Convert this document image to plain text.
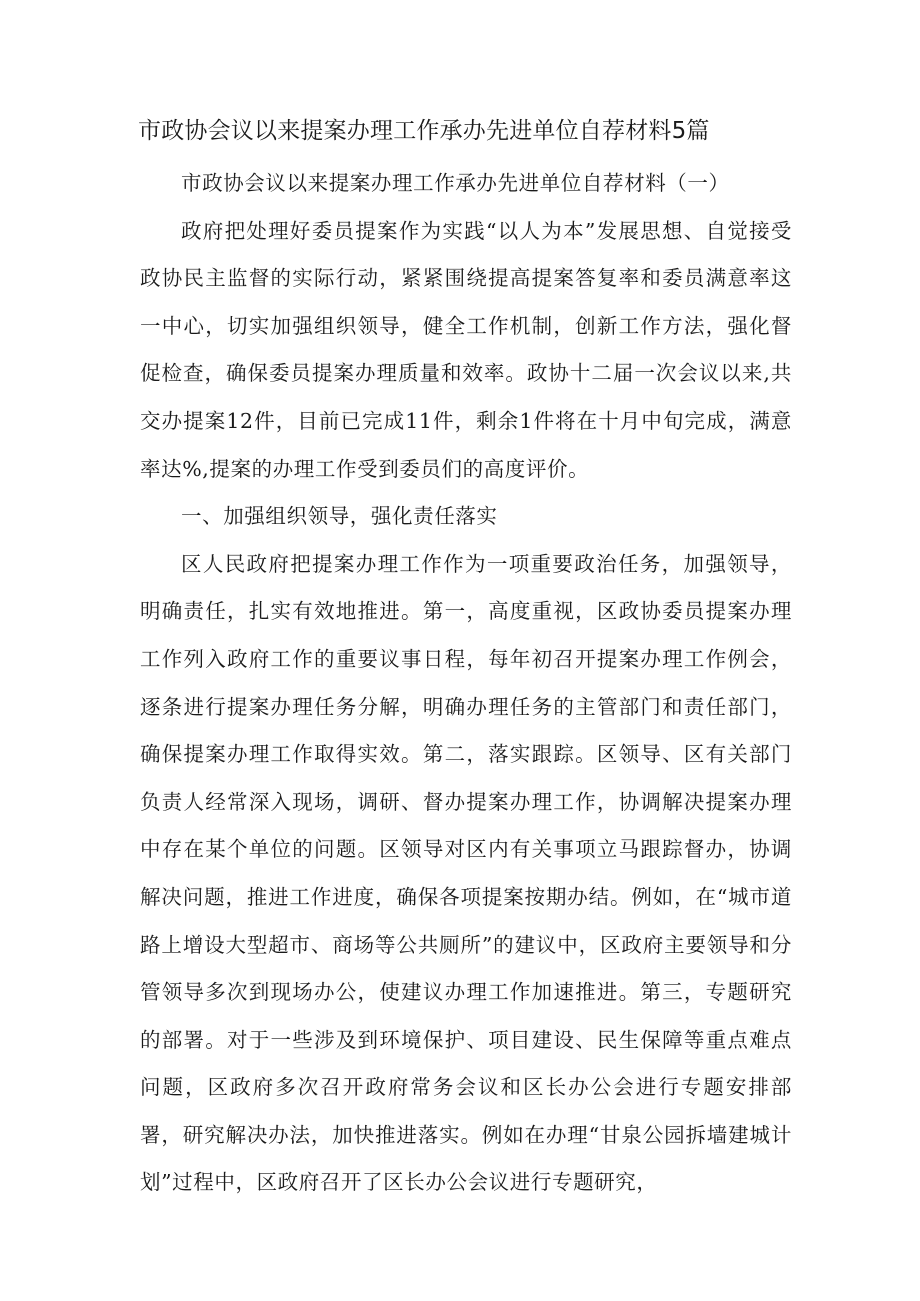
市政协会议以来提案办理工作承办先进单位自荐材料5篇

市政协会议以来提案办理工作承办先进单位自荐材料（一）

政府把处理好委员提案作为实践“以人为本”发展思想、自觉接受政协民主监督的实际行动，紧紧围绕提高提案答复率和委员满意率这一中心，切实加强组织领导，健全工作机制，创新工作方法，强化督促检查，确保委员提案办理质量和效率。政协十二届一次会议以来,共交办提案12件，目前已完成11件，剩余1件将在十月中旬完成，满意率达%,提案的办理工作受到委员们的高度评价。

一、加强组织领导，强化责任落实

区人民政府把提案办理工作作为一项重要政治任务，加强领导，明确责任，扎实有效地推进。第一，高度重视，区政协委员提案办理工作列入政府工作的重要议事日程，每年初召开提案办理工作例会，逐条进行提案办理任务分解，明确办理任务的主管部门和责任部门，确保提案办理工作取得实效。第二，落实跟踪。区领导、区有关部门负责人经常深入现场，调研、督办提案办理工作，协调解决提案办理中存在某个单位的问题。区领导对区内有关事项立马跟踪督办，协调解决问题，推进工作进度，确保各项提案按期办结。例如，在“城市道路上增设大型超市、商场等公共厕所”的建议中，区政府主要领导和分管领导多次到现场办公，使建议办理工作加速推进。第三，专题研究的部署。对于一些涉及到环境保护、项目建设、民生保障等重点难点问题，区政府多次召开政府常务会议和区长办公会进行专题安排部署，研究解决办法，加快推进落实。例如在办理“甘泉公园拆墙建城计划”过程中，区政府召开了区长办公会议进行专题研究，
